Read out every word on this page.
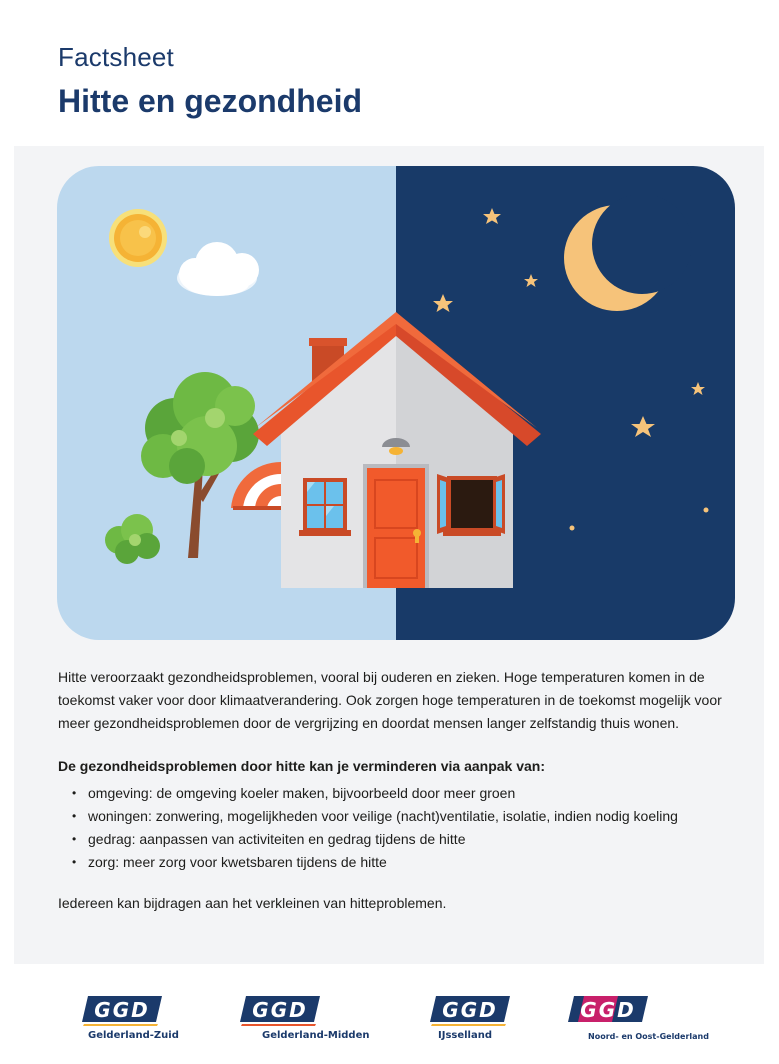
Factsheet
Hitte en gezondheid

Hitte veroorzaakt gezondheidsproblemen, vooral bij ouderen en zieken. Hoge temperaturen komen in de toekomst vaker voor door klimaatverandering. Ook zorgen hoge temperaturen in de toekomst mogelijk voor meer gezondheidsproblemen door de vergrijzing en doordat mensen langer zelfstandig thuis wonen.

De gezondheidsproblemen door hitte kan je verminderen via aanpak van:

• omgeving: de omgeving koeler maken, bijvoorbeeld door meer groen
• woningen: zonwering, mogelijkheden voor veilige (nacht)ventilatie, isolatie, indien nodig koeling
• gedrag: aanpassen van activiteiten en gedrag tijdens de hitte
• zorg: meer zorg voor kwetsbaren tijdens de hitte

Iedereen kan bijdragen aan het verkleinen van hitteproblemen.

GGD
Gelderland-Zuid
GGD
Gelderland-Midden
GGD
IJsselland
GGD
Noord- en Oost-Gelderland
